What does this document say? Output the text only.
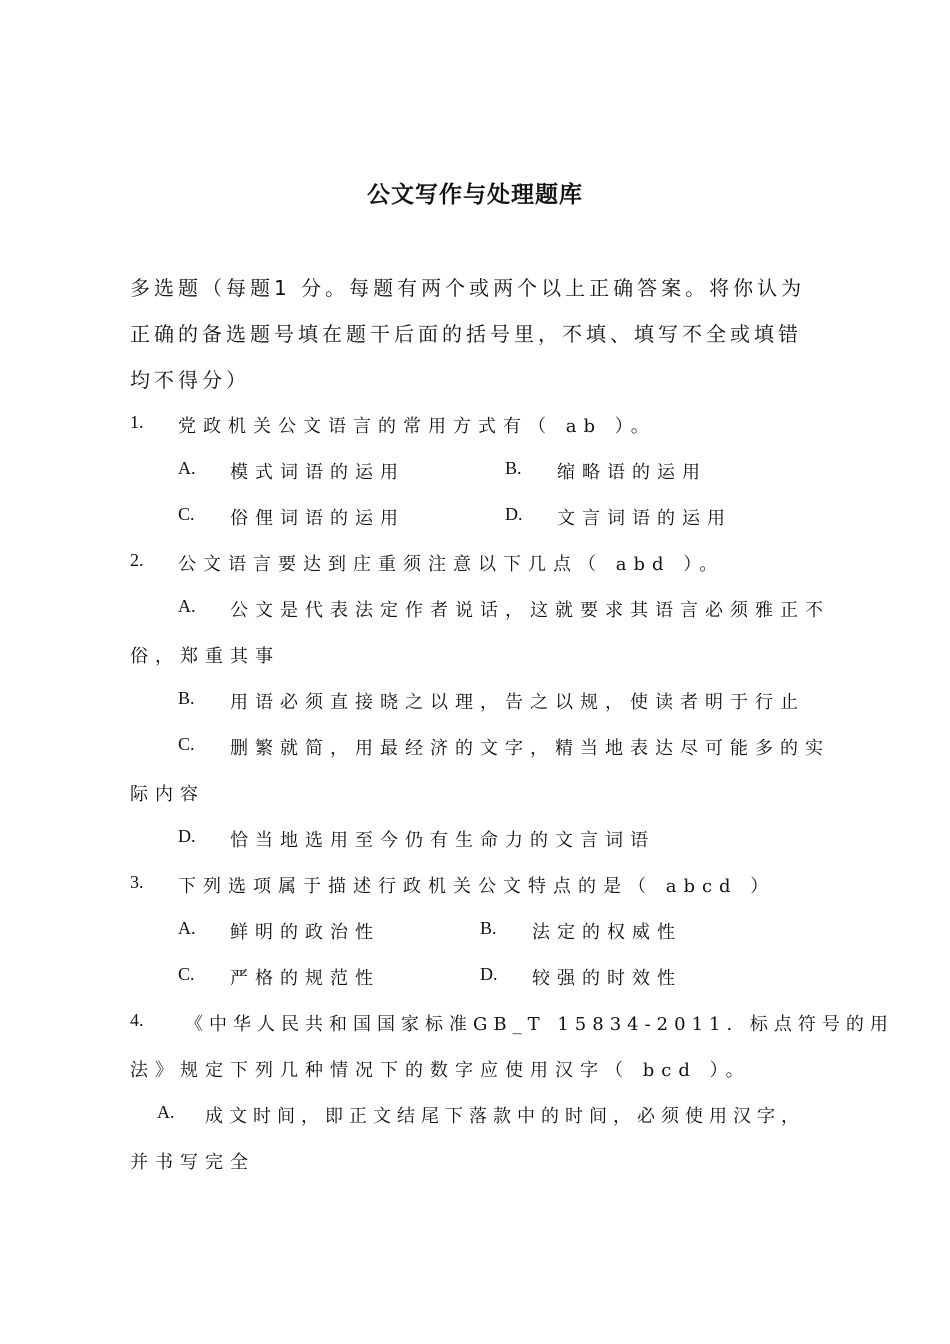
公文写作与处理题库
多选题（每题1 分。每题有两个或两个以上正确答案。将你认为
正确的备选题号填在题干后面的括号里，不填、填写不全或填错
均不得分）
1. 党政机关公文语言的常用方式有（ ab ）。
A. 模式词语的运用	B. 缩略语的运用
C. 俗俚词语的运用	D. 文言词语的运用
2. 公文语言要达到庄重须注意以下几点（ abd ）。
A. 公文是代表法定作者说话，这就要求其语言必须雅正不
俗，郑重其事
B. 用语必须直接晓之以理，告之以规，使读者明于行止
C. 删繁就简，用最经济的文字，精当地表达尽可能多的实
际内容
D. 恰当地选用至今仍有生命力的文言词语
3. 下列选项属于描述行政机关公文特点的是（ abcd ）
A. 鲜明的政治性	B. 法定的权威性
C. 严格的规范性	D. 较强的时效性
4. 《中华人民共和国国家标准GB_T 15834-2011. 标点符号的用
法》规定下列几种情况下的数字应使用汉字（ bcd ）。
A. 成文时间，即正文结尾下落款中的时间，必须使用汉字，
并书写完全
